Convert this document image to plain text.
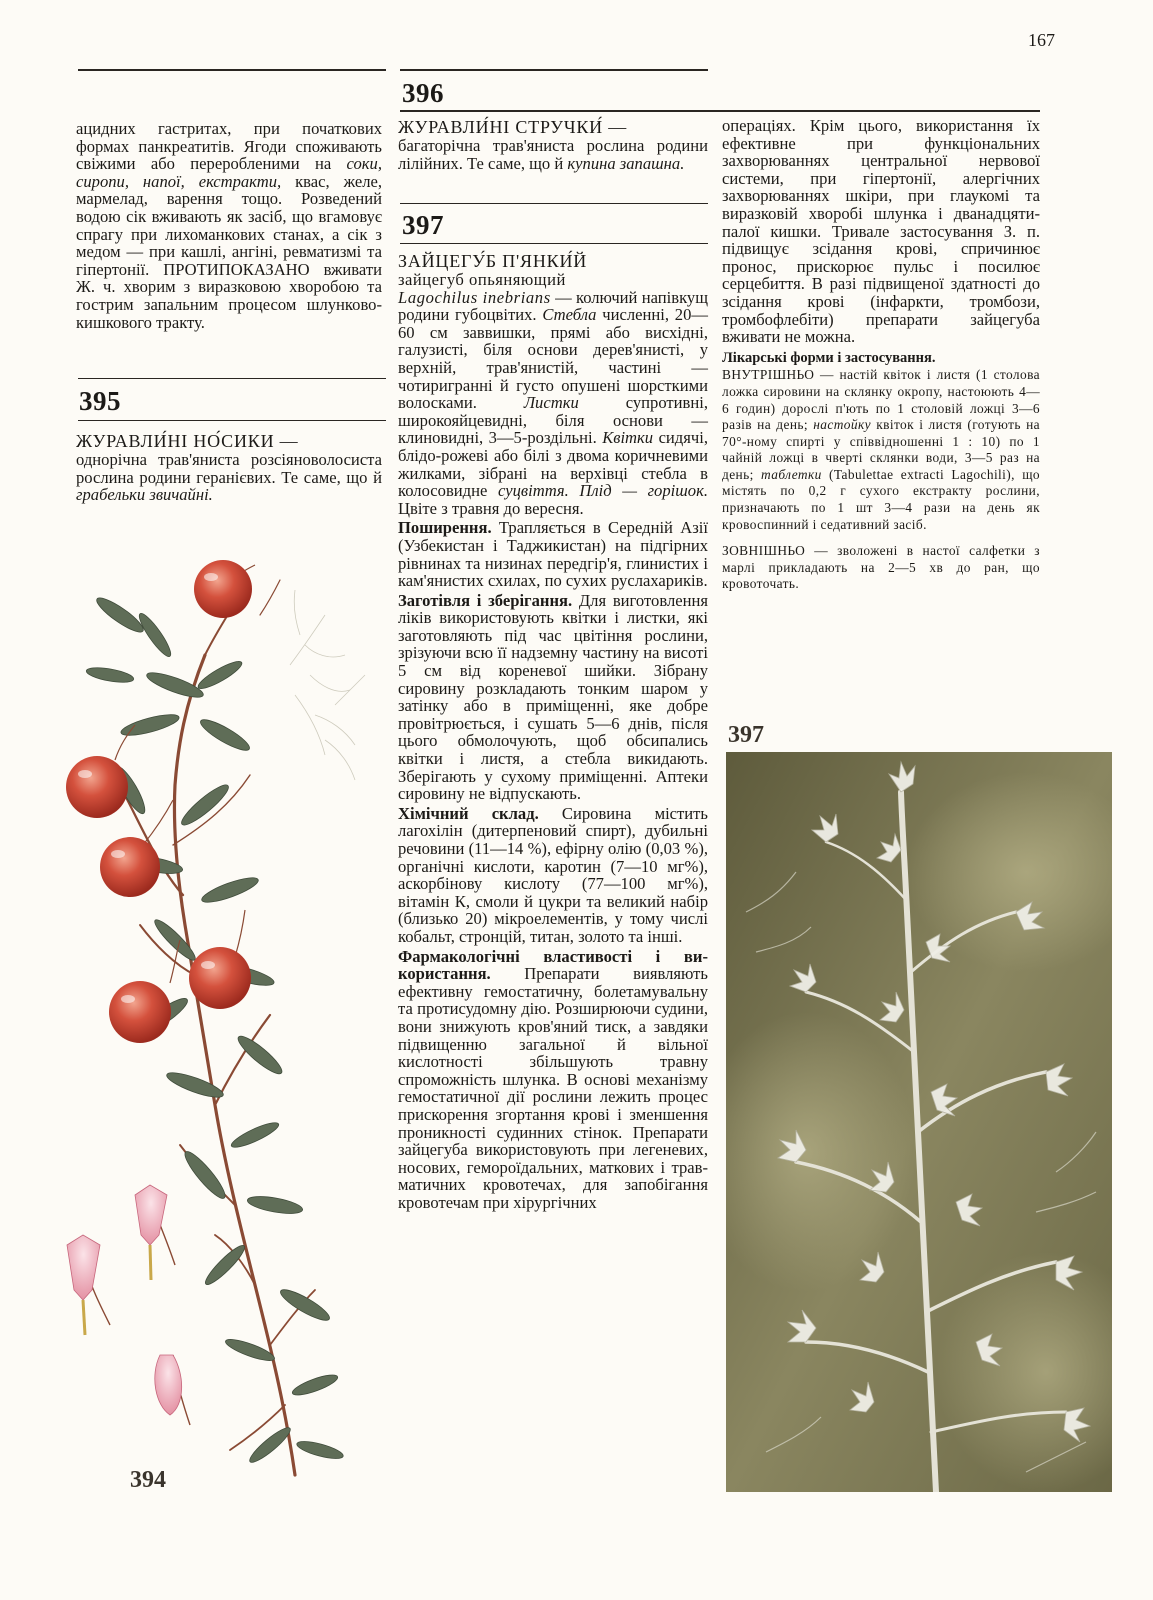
167

ацидних гастритах, при початкових формах панкреатитів. Ягоди споживають свіжими або переробленими на соки, сиропи, напої, екстракти, квас, желе, мармелад, варення тощо. Розведений водою сік вживають як засіб, що вгамовує спрагу при лихоманкових станах, а сік з медом — при кашлі, ангіні, ревматизмі та гіпертонії. ПРОТИПОКАЗАНО вживати Ж. ч. хворим з виразковою хворобою та гострим запальним процесом шлунково-кишкового тракту.

395
ЖУРАВЛИ́НІ НО́СИКИ —

однорічна трав'яниста розсіяноволосиста рослина родини геранієвих. Те саме, що й грабельки звичайні.

394
396
ЖУРАВЛИ́НІ СТРУЧКИ́ —

багаторічна трав'яниста рослина родини лілійних. Те саме, що й купина запашна.

397
ЗАЙЦЕГУ́Б П'ЯНКИ́Й
зайцегуб опьяняющий

Lagochilus inebrians — колючий напівкущ родини губоцвітих. Стебла численні, 20—60 см заввишки, прямі або висхідні, галузисті, біля основи дерев'янисті, у верхній, трав'янистій, частині — чотиригранні й густо опушені шорсткими волосками. Листки супротивні, широкояйцевидні, біля основи — клиновидні, 3—5-роздільні. Квітки сидячі, блідо-рожеві або білі з двома коричневими жилками, зібрані на верхівці стебла в колосовидне суцвіття. Плід — горішок. Цвіте з травня до вересня.

Поширення. Трапляється в Середній Азії (Узбекистан і Таджикистан) на підгірних рівнинах та низинах передгір'я, глинистих і кам'янистих схилах, по сухих руслахариків.

Заготівля і зберігання. Для виготовлення ліків використовують квітки і листки, які заготовляють під час цвітіння рослини, зрізуючи всю її надземну частину на висоті 5 см від кореневої шийки. Зібрану сировину розкладають тонким шаром у затінку або в приміщенні, яке добре провітрюється, і сушать 5—6 днів, після цього обмолочують, щоб обсипались квітки і листя, а стебла викидають. Зберігають у сухому приміщенні. Аптеки сировину не відпускають.

Хімічний склад. Сировина містить лагохілін (дитерпеновий спирт), дубильні речовини (11—14 %), ефірну олію (0,03 %), органічні кислоти, каротин (7—10 мг%), аскорбінову кислоту (77—100 мг%), вітамін К, смоли й цукри та великий набір (близько 20) мікроелементів, у тому числі кобальт, стронцій, титан, золото та інші.

Фармакологічні властивості і використання. Препарати виявляють ефективну гемостатичну, болетамувальну та протисудомну дію. Розширюючи судини, вони знижують кров'яний тиск, а завдяки підвищенню загальної й вільної кислотності збільшують травну спроможність шлунка. В основі механізму гемостатичної дії рослини лежить процес прискорення згортання крові і зменшення проникності судинних стінок. Препарати зайцегуба використовують при легеневих, носових, гемороїдальних, маткових і травматичних кровотечах, для запобігання кровотечам при хірургічних

операціях. Крім цього, використання їх ефективне при функціональних захворюваннях центральної нервової системи, при гіпертонії, алергічних захворюваннях шкіри, при глаукомі та виразковій хворобі шлунка і дванадцятипалої кишки. Тривале застосування З. п. підвищує зсідання крові, спричинює пронос, прискорює пульс і посилює серцебиття. В разі підвищеної здатності до зсідання крові (інфаркти, тромбози, тромбофлебіти) препарати зайцегуба вживати не можна.

Лікарські форми і застосування.

ВНУТРІШНЬО — настій квіток і листя (1 столова ложка сировини на склянку окропу, настоюють 4—6 годин) дорослі п'ють по 1 столовій ложці 3—6 разів на день; настойку квіток і листя (готують на 70°-ному спирті у співвідношенні 1 : 10) по 1 чайній ложці в чверті склянки води, 3—5 раз на день; таблетки (Tabulettae extracti Lagochili), що містять по 0,2 г сухого екстракту рослини, призначають по 1 шт 3—4 рази на день як кровоспинний і седативний засіб.

ЗОВНІШНЬО — зволожені в настої салфетки з марлі прикладають на 2—5 хв до ран, що кровоточать.

397
